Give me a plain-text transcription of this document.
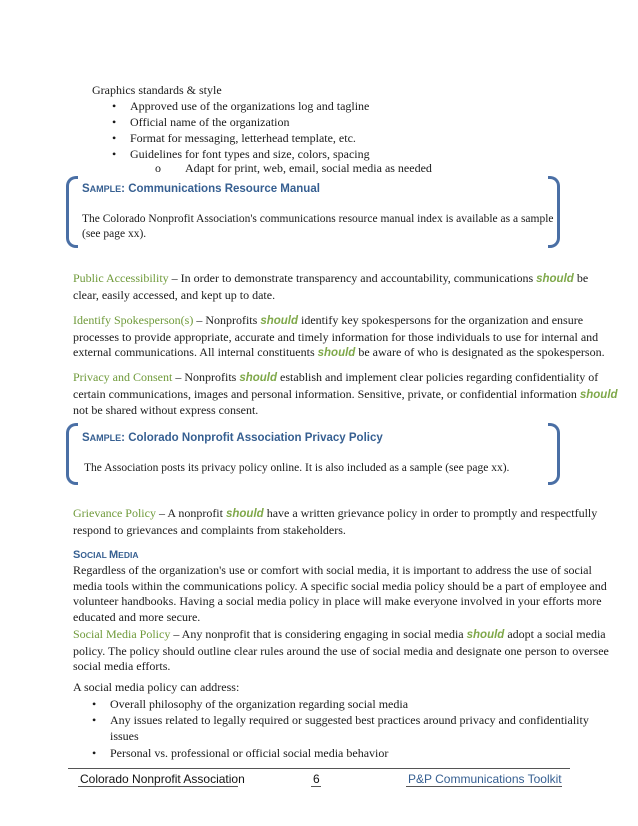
Graphics standards & style
• Approved use of the organizations log and tagline
• Official name of the organization
• Format for messaging, letterhead template, etc.
• Guidelines for font types and size, colors, spacing
o Adapt for print, web, email, social media as needed
SAMPLE: Communications Resource Manual
The Colorado Nonprofit Association's communications resource manual index is available as a sample
(see page xx).
Public Accessibility – In order to demonstrate transparency and accountability, communications should be
clear, easily accessed, and kept up to date.
Identify Spokesperson(s) – Nonprofits should identify key spokespersons for the organization and ensure
processes to provide appropriate, accurate and timely information for those individuals to use for internal and
external communications. All internal constituents should be aware of who is designated as the spokesperson.
Privacy and Consent – Nonprofits should establish and implement clear policies regarding confidentiality of
certain communications, images and personal information. Sensitive, private, or confidential information should
not be shared without express consent.
SAMPLE: Colorado Nonprofit Association Privacy Policy
The Association posts its privacy policy online. It is also included as a sample (see page xx).
Grievance Policy – A nonprofit should have a written grievance policy in order to promptly and respectfully
respond to grievances and complaints from stakeholders.
SOCIAL MEDIA
Regardless of the organization's use or comfort with social media, it is important to address the use of social
media tools within the communications policy. A specific social media policy should be a part of employee and
volunteer handbooks. Having a social media policy in place will make everyone involved in your efforts more
educated and more secure.
Social Media Policy – Any nonprofit that is considering engaging in social media should adopt a social media
policy. The policy should outline clear rules around the use of social media and designate one person to oversee
social media efforts.
A social media policy can address:
• Overall philosophy of the organization regarding social media
• Any issues related to legally required or suggested best practices around privacy and confidentiality
issues
• Personal vs. professional or official social media behavior
Colorado Nonprofit Association	6	P&P Communications Toolkit
